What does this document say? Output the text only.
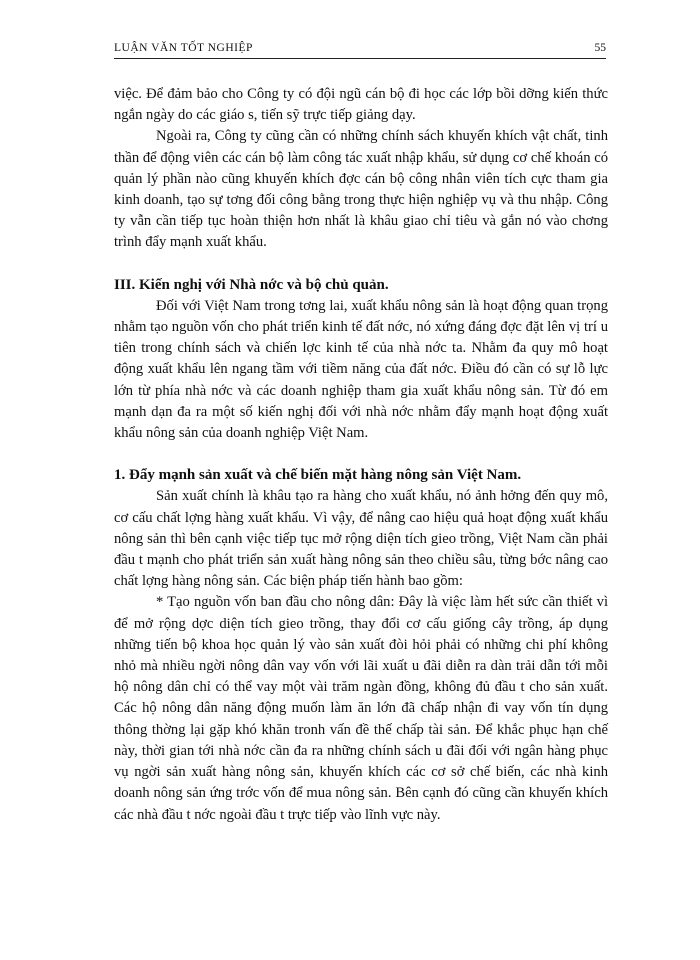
LUẬN VĂN TỐT NGHIỆP	55

việc. Để đảm bảo cho Công ty có đội ngũ cán bộ đi học các lớp bồi dỡng kiến thức ngắn ngày do các giáo s, tiến sỹ trực tiếp giảng dạy.

Ngoài ra, Công ty cũng cần có những chính sách khuyến khích vật chất, tinh thần để động viên các cán bộ làm công tác xuất nhập khẩu, sử dụng cơ chế khoán có quản lý phần nào cũng khuyến khích đợc cán bộ công nhân viên tích cực tham gia kinh doanh, tạo sự tơng đối công bằng trong thực hiện nghiệp vụ và thu nhập. Công ty vẫn cần tiếp tục hoàn thiện hơn nhất là khâu giao chỉ tiêu và gắn nó vào chơng trình đẩy mạnh xuất khẩu.

III. Kiến nghị với Nhà nớc và bộ chủ quản.

Đối với Việt Nam trong tơng lai, xuất khẩu nông sản là hoạt động quan trọng nhằm tạo nguồn vốn cho phát triển kinh tế đất nớc, nó xứng đáng đợc đặt lên vị trí u tiên trong chính sách và chiến lợc kinh tế của nhà nớc ta. Nhằm đa quy mô hoạt động xuất khẩu lên ngang tầm với tiềm năng của đất nớc. Điều đó cần có sự lỗ lực lớn từ phía nhà nớc và các doanh nghiệp tham gia xuất khẩu nông sản. Từ đó em mạnh dạn đa ra một số kiến nghị đối với nhà nớc nhằm đẩy mạnh hoạt động xuất khẩu nông sản của doanh nghiệp Việt Nam.

1. Đẩy mạnh sản xuất và chế biến mặt hàng nông sản Việt Nam.

Sản xuất chính là khâu tạo ra hàng cho xuất khẩu, nó ảnh hởng đến quy mô, cơ cấu chất lợng hàng xuất khẩu. Vì vậy, để nâng cao hiệu quả hoạt động xuất khẩu nông sản thì bên cạnh việc tiếp tục mở rộng diện tích gieo trồng, Việt Nam cần phải đầu t mạnh cho phát triển sản xuất hàng nông sản theo chiều sâu, từng bớc nâng cao chất lợng hàng nông sản. Các biện pháp tiến hành bao gồm:

* Tạo nguồn vốn ban đầu cho nông dân: Đây là việc làm hết sức cần thiết vì để mở rộng dợc diện tích gieo trồng, thay đổi cơ cấu giống cây trồng, áp dụng những tiến bộ khoa học quản lý vào sản xuất đòi hỏi phải có những chi phí không nhỏ mà nhiều ngời nông dân vay vốn với lãi xuất u đãi diễn ra dàn trải dẫn tới mỗi hộ nông dân chỉ có thể vay một vài trăm ngàn đồng, không đủ đầu t cho sản xuất. Các hộ nông dân năng động muốn làm ăn lớn đã chấp nhận đi vay vốn tín dụng thông thờng lại gặp khó khăn tronh vấn đề thế chấp tài sản. Để khắc phục hạn chế này, thời gian tới nhà nớc cần đa ra những chính sách u đãi đối với ngân hàng phục vụ ngời sản xuất hàng nông sản, khuyến khích các cơ sở chế biến, các nhà kinh doanh nông sản ứng trớc vốn để mua nông sản. Bên cạnh đó cũng cần khuyến khích các nhà đầu t nớc ngoài đầu t trực tiếp vào lĩnh vực này.
